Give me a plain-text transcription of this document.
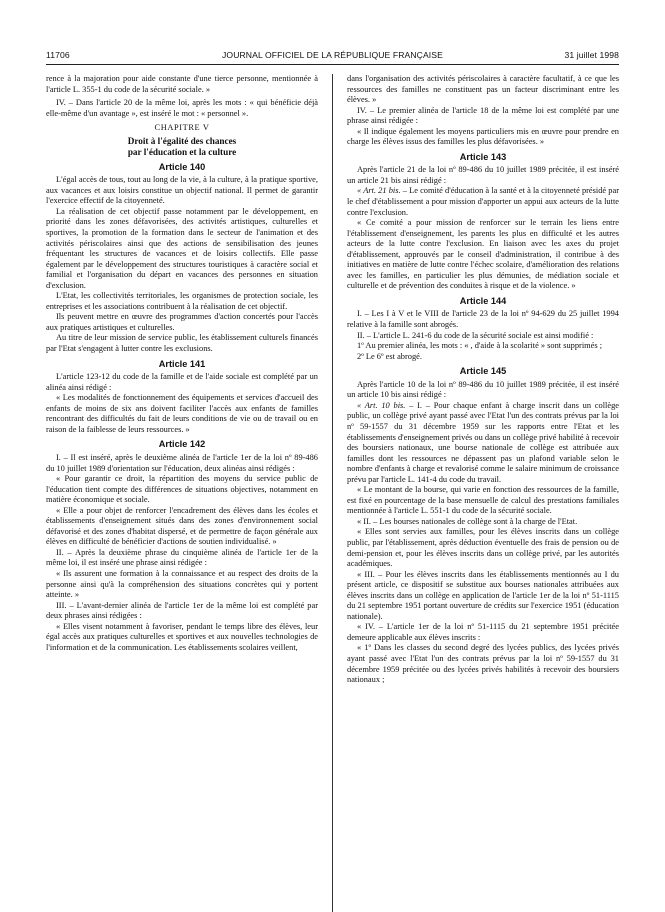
11706	JOURNAL OFFICIEL DE LA RÉPUBLIQUE FRANÇAISE	31 juillet 1998

rence à la majoration pour aide constante d'une tierce personne, mentionnée à l'article L. 355-1 du code de la sécurité sociale. »

IV. – Dans l'article 20 de la même loi, après les mots : « qui bénéficie déjà elle-même d'un avantage », est inséré le mot : « personnel ».

CHAPITRE V
Droit à l'égalité des chances
par l'éducation et la culture
Article 140

L'égal accès de tous, tout au long de la vie, à la culture, à la pratique sportive, aux vacances et aux loisirs constitue un objectif national. Il permet de garantir l'exercice effectif de la citoyenneté.

La réalisation de cet objectif passe notamment par le développement, en priorité dans les zones défavorisées, des activités artistiques, culturelles et sportives, la promotion de la formation dans le secteur de l'animation et des activités périscolaires ainsi que des actions de sensibilisation des jeunes fréquentant les structures de vacances et de loisirs collectifs. Elle passe également par le développement des structures touristiques à caractère social et familial et l'organisation du départ en vacances des personnes en situation d'exclusion.

L'Etat, les collectivités territoriales, les organismes de protection sociale, les entreprises et les associations contribuent à la réalisation de cet objectif.

Ils peuvent mettre en œuvre des programmes d'action concertés pour l'accès aux pratiques artistiques et culturelles.

Au titre de leur mission de service public, les établissement culturels financés par l'Etat s'engagent à lutter contre les exclusions.

Article 141

L'article 123-12 du code de la famille et de l'aide sociale est complété par un alinéa ainsi rédigé :

« Les modalités de fonctionnement des équipements et services d'accueil des enfants de moins de six ans doivent faciliter l'accès aux enfants de familles rencontrant des difficultés du fait de leurs conditions de vie ou de travail ou en raison de la faiblesse de leurs ressources. »

Article 142

I. – Il est inséré, après le deuxième alinéa de l'article 1er de la loi nº 89-486 du 10 juillet 1989 d'orientation sur l'éducation, deux alinéas ainsi rédigés :

« Pour garantir ce droit, la répartition des moyens du service public de l'éducation tient compte des différences de situations objectives, notamment en matière économique et sociale.

« Elle a pour objet de renforcer l'encadrement des élèves dans les écoles et établissements d'enseignement situés dans des zones d'environnement social défavorisé et des zones d'habitat dispersé, et de permettre de façon générale aux élèves en difficulté de bénéficier d'actions de soutien individualisé. »

II. – Après la deuxième phrase du cinquième alinéa de l'article 1er de la même loi, il est inséré une phrase ainsi rédigée :

« Ils assurent une formation à la connaissance et au respect des droits de la personne ainsi qu'à la compréhension des situations concrètes qui y portent atteinte. »

III. – L'avant-dernier alinéa de l'article 1er de la même loi est complété par deux phrases ainsi rédigées :

« Elles visent notamment à favoriser, pendant le temps libre des élèves, leur égal accès aux pratiques culturelles et sportives et aux nouvelles technologies de l'information et de la communication. Les établissements scolaires veillent,

dans l'organisation des activités périscolaires à caractère facultatif, à ce que les ressources des familles ne constituent pas un facteur discriminant entre les élèves. »

IV. – Le premier alinéa de l'article 18 de la même loi est complété par une phrase ainsi rédigée :

« Il indique également les moyens particuliers mis en œuvre pour prendre en charge les élèves issus des familles les plus défavorisées. »

Article 143

Après l'article 21 de la loi nº 89-486 du 10 juillet 1989 précitée, il est inséré un article 21 bis ainsi rédigé :

« Art. 21 bis. – Le comité d'éducation à la santé et à la citoyenneté présidé par le chef d'établissement a pour mission d'apporter un appui aux acteurs de la lutte contre l'exclusion.

« Ce comité a pour mission de renforcer sur le terrain les liens entre l'établissement d'enseignement, les parents les plus en difficulté et les autres acteurs de la lutte contre l'exclusion. En liaison avec les axes du projet d'établissement, approuvés par le conseil d'administration, il contribue à des initiatives en matière de lutte contre l'échec scolaire, d'amélioration des relations avec les familles, en particulier les plus démunies, de médiation sociale et culturelle et de prévention des conduites à risque et de la violence. »

Article 144

I. – Les I à V et le VIII de l'article 23 de la loi nº 94-629 du 25 juillet 1994 relative à la famille sont abrogés.

II. – L'article L. 241-6 du code de la sécurité sociale est ainsi modifié :

1º Au premier alinéa, les mots : « , d'aide à la scolarité » sont supprimés ;

2º Le 6º est abrogé.

Article 145

Après l'article 10 de la loi nº 89-486 du 10 juillet 1989 précitée, il est inséré un article 10 bis ainsi rédigé :

« Art. 10 bis. – I. – Pour chaque enfant à charge inscrit dans un collège public, un collège privé ayant passé avec l'Etat l'un des contrats prévus par la loi nº 59-1557 du 31 décembre 1959 sur les rapports entre l'Etat et les établissements d'enseignement privés ou dans un collège privé habilité à recevoir des boursiers nationaux, une bourse nationale de collège est attribuée aux familles dont les ressources ne dépassent pas un plafond variable selon le nombre d'enfants à charge et revalorisé comme le salaire minimum de croissance prévu par l'article L. 141-4 du code du travail.

« Le montant de la bourse, qui varie en fonction des ressources de la famille, est fixé en pourcentage de la base mensuelle de calcul des prestations familiales mentionnée à l'article L. 551-1 du code de la sécurité sociale.

« II. – Les bourses nationales de collège sont à la charge de l'Etat.

« Elles sont servies aux familles, pour les élèves inscrits dans un collège public, par l'établissement, après déduction éventuelle des frais de pension ou de demi-pension et, pour les élèves inscrits dans un collège privé, par les autorités académiques.

« III. – Pour les élèves inscrits dans les établissements mentionnés au I du présent article, ce dispositif se substitue aux bourses nationales attribuées aux élèves inscrits dans un collège en application de l'article 1er de la loi nº 51-1115 du 21 septembre 1951 portant ouverture de crédits sur l'exercice 1951 (éducation nationale).

« IV. – L'article 1er de la loi nº 51-1115 du 21 septembre 1951 précitée demeure applicable aux élèves inscrits :

« 1º Dans les classes du second degré des lycées publics, des lycées privés ayant passé avec l'Etat l'un des contrats prévus par la loi nº 59-1557 du 31 décembre 1959 précitée ou des lycées privés habilités à recevoir des boursiers nationaux ;
